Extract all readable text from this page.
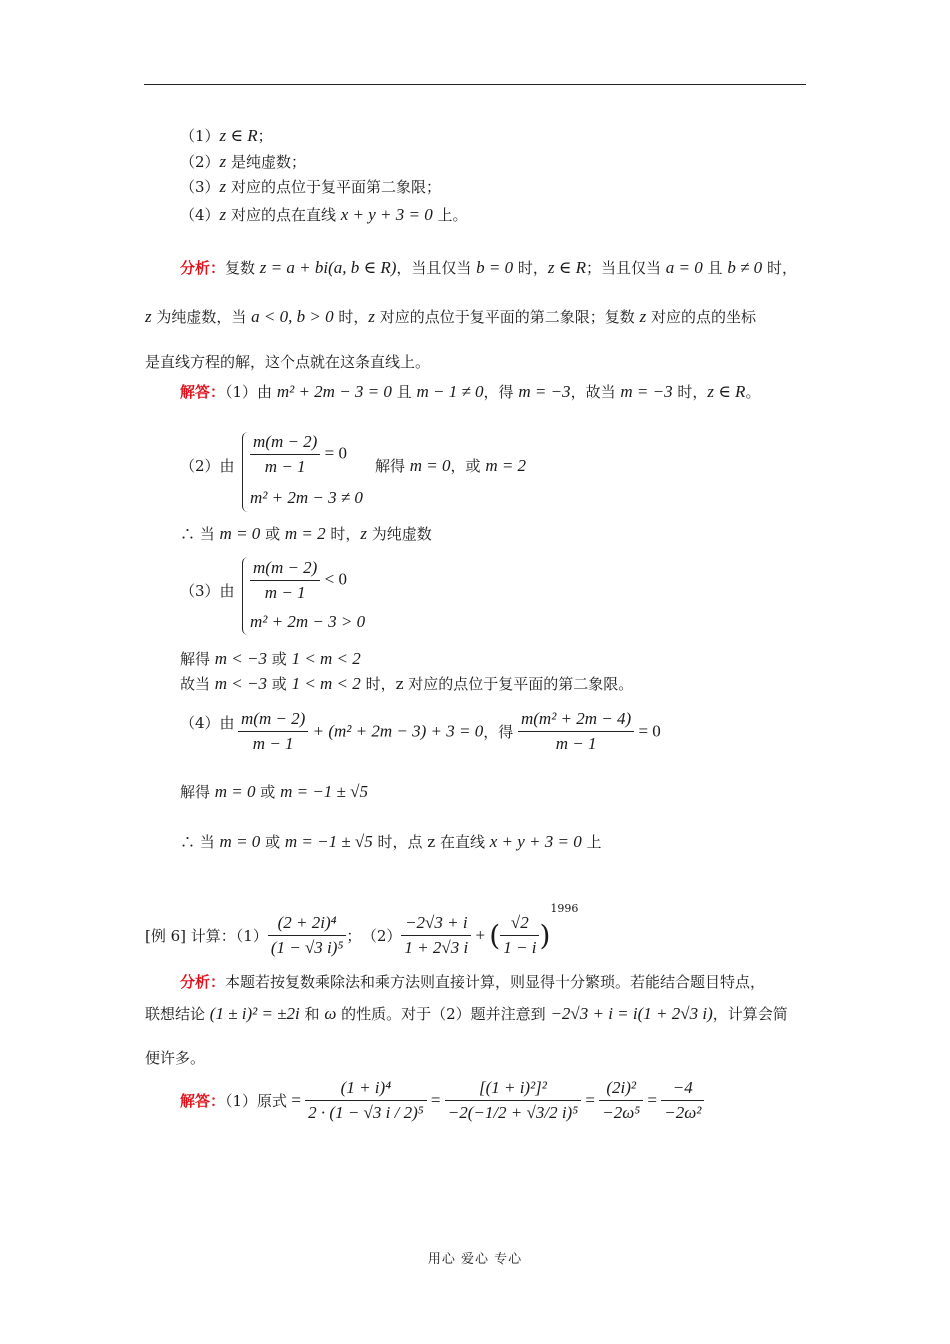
（1）z ∈ R；
（2）z 是纯虚数；
（3）z 对应的点位于复平面第二象限；
（4）z 对应的点在直线 x + y + 3 = 0 上。
分析：复数 z = a + bi(a, b ∈ R)，当且仅当 b = 0 时，z ∈ R；当且仅当 a = 0 且 b ≠ 0 时，
z 为纯虚数，当 a < 0, b > 0 时，z 对应的点位于复平面的第二象限；复数 z 对应的点的坐标
是直线方程的解，这个点就在这条直线上。
解答：（1）由 m² + 2m − 3 = 0 且 m − 1 ≠ 0，得 m = −3，故当 m = −3 时，z ∈ R。
（2）由 $\frac{m(m - 2)}{m - 1} = 0$
m² + 2m − 3 ≠ 0
解得 m = 0，或 m = 2
∴ 当 m = 0 或 m = 2 时，z 为纯虚数
（3）由 $\frac{m(m - 2)}{m - 1} < 0$
m² + 2m − 3 > 0
解得 m < −3 或 1 < m < 2
故当 m < −3 或 1 < m < 2 时，z 对应的点位于复平面的第二象限。
（4）由 $\frac{m(m - 2)}{m - 1} + (m^2 + 2m - 3) + 3 = 0$，得 $\frac{\text{m(m² + 2m − 4)}}{m - 1} = 0$
解得 m = 0 或 m = −1 ± √5
∴ 当 m = 0 或 m = −1 ± √5 时，点 z 在直线 x + y + 3 = 0 上
[例 6] 计算：$(1) \frac{\text{(2 + 2i)⁴}}{\text{(1 − √3 i)⁵}}$ ； $(2) \frac{-2√3 + i}{1 + 2√3 i}$ + ( $\frac{√2}{1 - i} )^{1996}$
分析：本题若按复数乘除法和乘方法则直接计算，则显得十分繁琐。若能结合题目特点，
联想结论 (1 ± i)² = ±2i 和 ω 的性质。对于（2）题并注意到 −2√3 + i = i(1 + 2√3 i)，计算会简
便许多。
解答：（1）原式 = $\frac{\text{(1 + i)⁴}}{\text{2 · (1 − √3 i / 2)⁵}} = \frac{\text{[(1 + i)²]²}}{\text{−2(−1/2 + √3/2 i)⁵}} = \frac{\text{(2i)²}}{\text{−2ω⁵}} = \frac{-4}{\text{−2ω²}}$
用心 爱心 专心
